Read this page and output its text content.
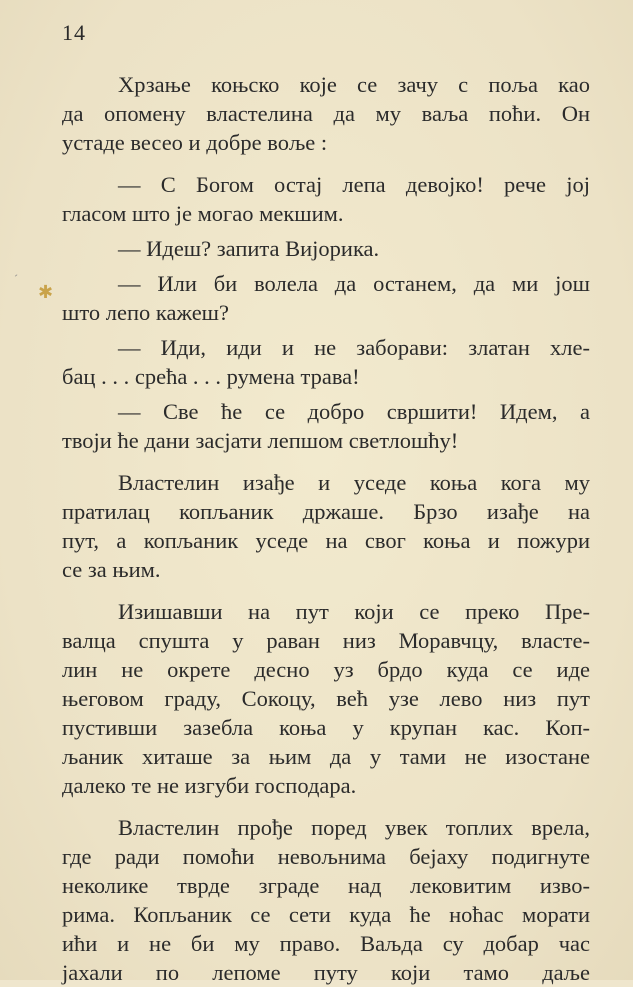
14
´
✱
Хрзање коњско које се зачу с поља као
да опомену властелина да му ваља поћи. Он
устаде весео и добре воље :
— С Богом остај лепа девојко! рече јој
гласом што је могао мекшим.
— Идеш? запита Вијорика.
— Или би волела да останем, да ми још
што лепо кажеш?
— Иди, иди и не заборави: златан хле-
бац . . . срећа . . . румена трава!
— Све ће се добро свршити! Идем, а
твоји ће дани засјати лепшом светлошћу!
Властелин изађе и уседе коња кога му
пратилац копљаник држаше. Брзо изађе на
пут, а копљаник уседе на свог коња и пожури
се за њим.
Изишавши на пут који се преко Пре-
валца спушта у раван низ Моравчцу, власте-
лин не окрете десно уз брдо куда се иде
његовом граду, Сокоцу, већ узе лево низ пут
пустивши зазебла коња у крупан кас. Коп-
љаник хиташе за њим да у тами не изостане
далеко те не изгуби господара.
Властелин прође поред увек топлих врела,
где ради помоћи невољнима бејаху подигнуте
неколике тврде зграде над лековитим изво-
рима. Копљаник се сети куда ће ноћас морати
ићи и не би му право. Ваљда су добар час
јахали по лепоме путу који тамо даље
